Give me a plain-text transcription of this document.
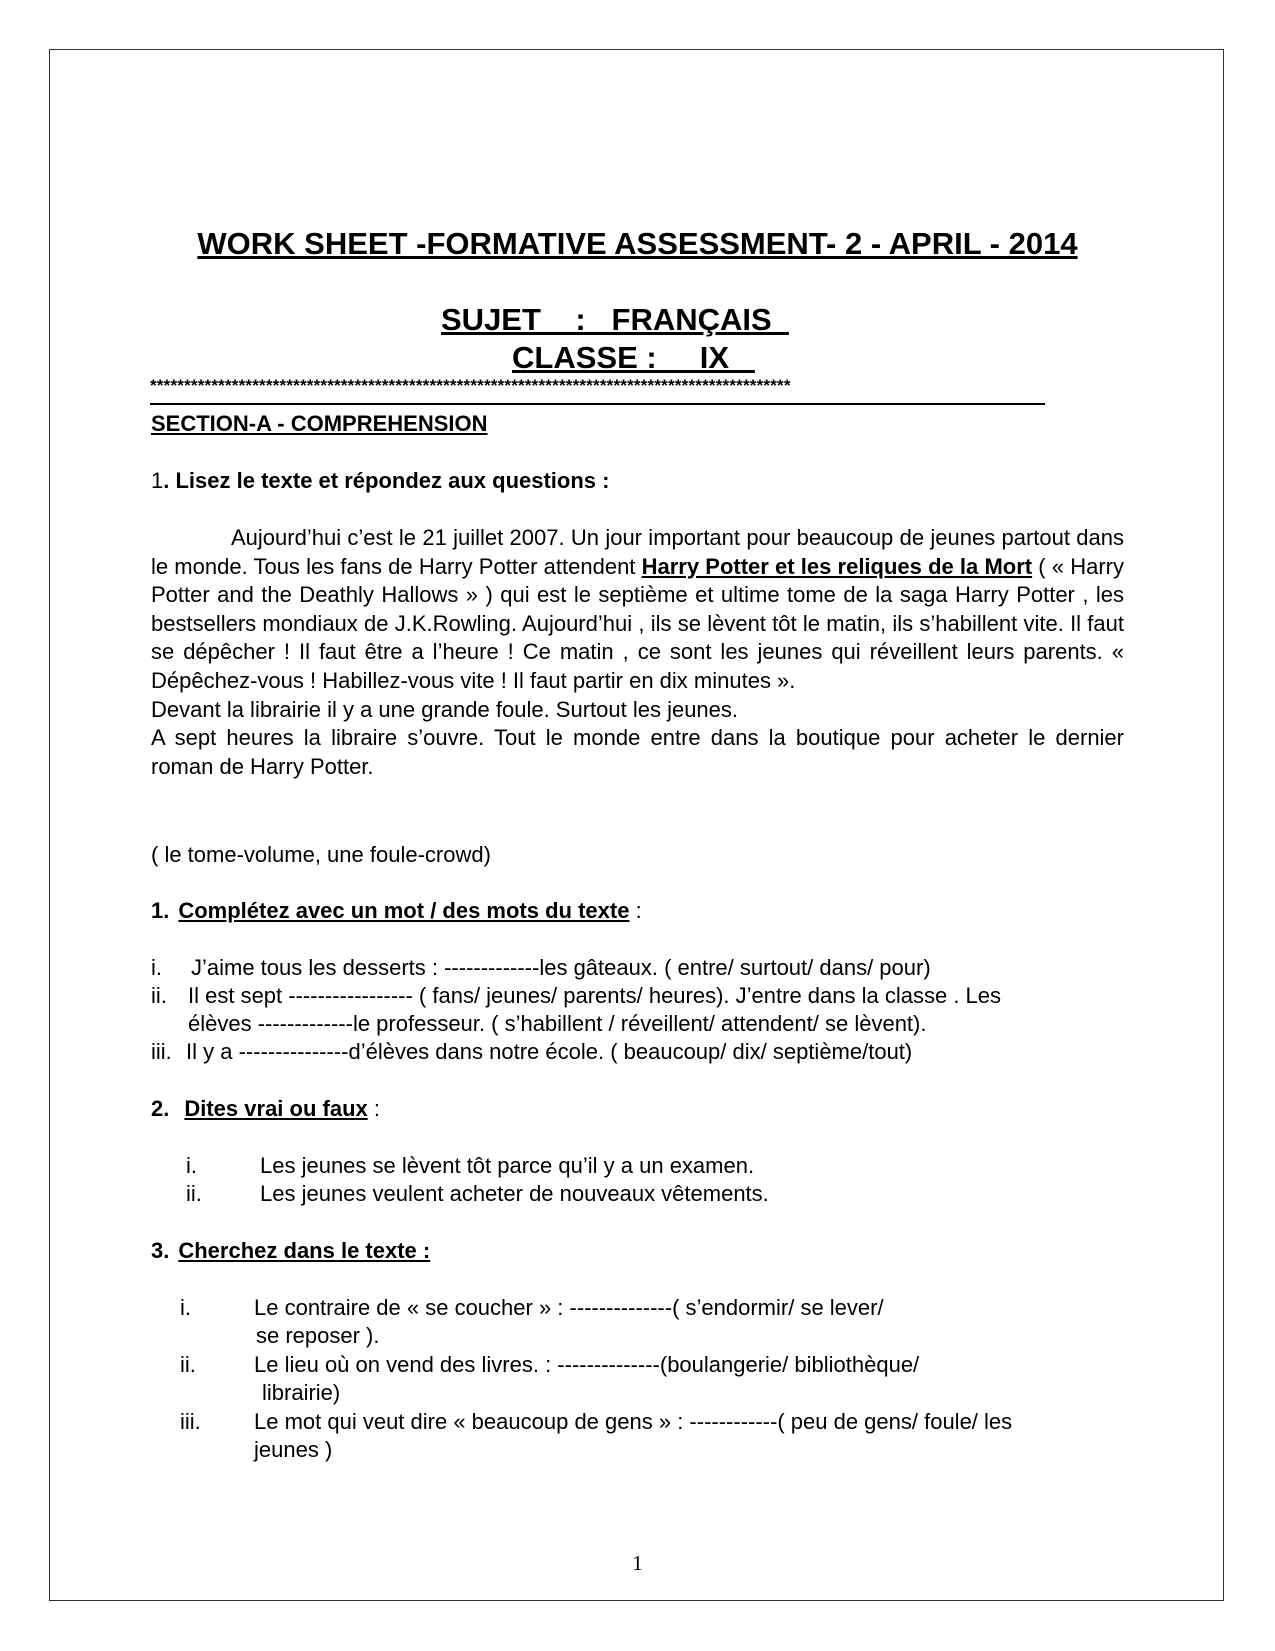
WORK SHEET -FORMATIVE ASSESSMENT- 2 - APRIL - 2014
SUJET    :   FRANÇAIS
CLASSE :     IX
**********************************************************************************************
SECTION-A - COMPREHENSION
1. Lisez le texte et répondez aux questions :

Aujourd’hui c’est le 21 juillet 2007. Un jour important pour beaucoup de jeunes partout dans le monde. Tous les fans de Harry Potter attendent Harry Potter et les reliques de la Mort ( « Harry Potter and the Deathly Hallows » ) qui est le septième et ultime tome de la saga Harry Potter , les bestsellers mondiaux de J.K.Rowling. Aujourd’hui , ils se lèvent tôt le matin, ils s’habillent vite. Il faut se dépêcher ! Il faut être a l’heure ! Ce matin , ce sont les jeunes qui réveillent leurs parents. « Dépêchez-vous ! Habillez-vous vite ! Il faut partir en dix minutes ».

Devant la librairie il y a une grande foule. Surtout les jeunes.

A sept heures la libraire s’ouvre. Tout le monde entre dans la boutique pour acheter le dernier roman de Harry Potter.

( le tome-volume, une foule-crowd)
1. Complétez avec un mot / des mots du texte :
i. J’aime tous les desserts : -------------les gâteaux. ( entre/ surtout/ dans/ pour)
ii. Il est sept ----------------- ( fans/ jeunes/ parents/ heures). J’entre dans la classe . Les
élèves -------------le professeur. ( s’habillent / réveillent/ attendent/ se lèvent).
iii. Il y a ---------------d’élèves dans notre école. ( beaucoup/ dix/ septième/tout)
2. Dites vrai ou faux :
i.	Les jeunes se lèvent tôt parce qu’il y a un examen.
ii.	Les jeunes veulent acheter de nouveaux vêtements.
3. Cherchez dans le texte :
i.	Le contraire de « se coucher » : --------------( s’endormir/ se lever/
se reposer ).
ii.	Le lieu où on vend des livres. : --------------(boulangerie/ bibliothèque/
librairie)
iii. Le mot qui veut dire « beaucoup de gens » : ------------( peu de gens/ foule/ les
jeunes )
1
